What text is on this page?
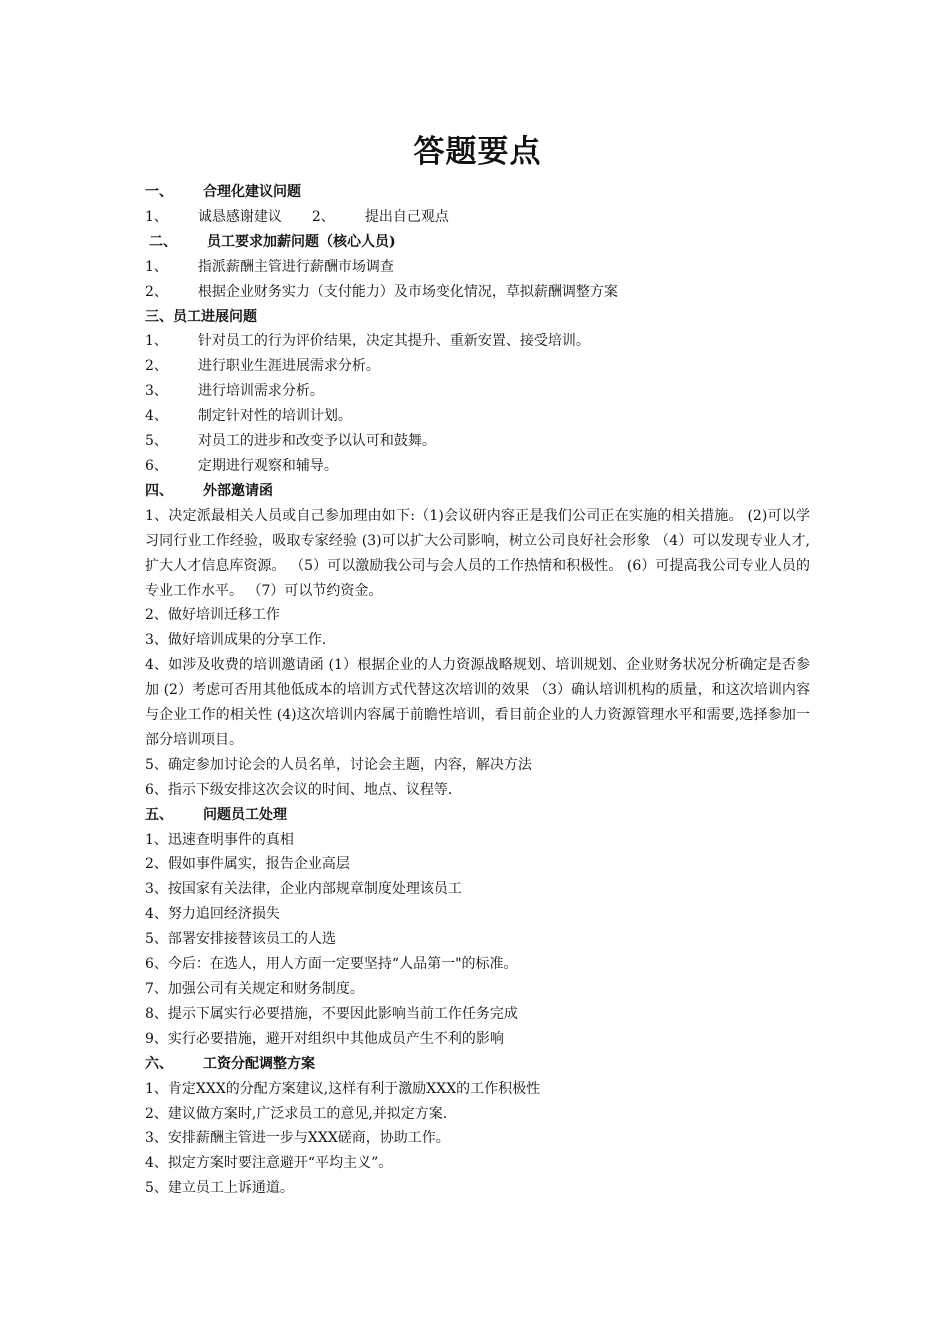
答题要点
一、 合理化建议问题
1、 诚恳感谢建议 2、 提出自己观点
二、 员工要求加薪问题（核心人员)
1、 指派薪酬主管进行薪酬市场调查
2、 根据企业财务实力（支付能力）及市场变化情况，草拟薪酬调整方案
三、员工进展问题
1、 针对员工的行为评价结果，决定其提升、重新安置、接受培训。
2、 进行职业生涯进展需求分析。
3、 进行培训需求分析。
4、 制定针对性的培训计划。
5、 对员工的进步和改变予以认可和鼓舞。
6、 定期进行观察和辅导。
四、 外部邀请函
1、决定派最相关人员或自己参加理由如下:（1)会议研内容正是我们公司正在实施的相关措施。 (2)可以学习同行业工作经验，吸取专家经验 (3)可以扩大公司影响，树立公司良好社会形象 （4）可以发现专业人才,扩大人才信息库资源。 （5）可以激励我公司与会人员的工作热情和积极性。 (6）可提高我公司专业人员的专业工作水平。 （7）可以节约资金。
2、做好培训迁移工作
3、做好培训成果的分享工作.
4、如涉及收费的培训邀请函 (1）根据企业的人力资源战略规划、培训规划、企业财务状况分析确定是否参加 (2）考虑可否用其他低成本的培训方式代替这次培训的效果 （3）确认培训机构的质量，和这次培训内容与企业工作的相关性 (4)这次培训内容属于前瞻性培训，看目前企业的人力资源管理水平和需要,选择参加一部分培训项目。
5、确定参加讨论会的人员名单，讨论会主题，内容，解决方法
6、指示下级安排这次会议的时间、地点、议程等.
五、 问题员工处理
1、迅速查明事件的真相
2、假如事件属实，报告企业高层
3、按国家有关法律，企业内部规章制度处理该员工
4、努力追回经济损失
5、部署安排接替该员工的人选
6、今后：在选人，用人方面一定要坚持“人品第一"的标准。
7、加强公司有关规定和财务制度。
8、提示下属实行必要措施，不要因此影响当前工作任务完成
9、实行必要措施，避开对组织中其他成员产生不利的影响
六、 工资分配调整方案
1、肯定XXX的分配方案建议,这样有利于激励XXX的工作积极性
2、建议做方案时,广泛求员工的意见,并拟定方案.
3、安排薪酬主管进一步与XXX磋商，协助工作。
4、拟定方案时要注意避开“平均主义”。
5、建立员工上诉通道。
